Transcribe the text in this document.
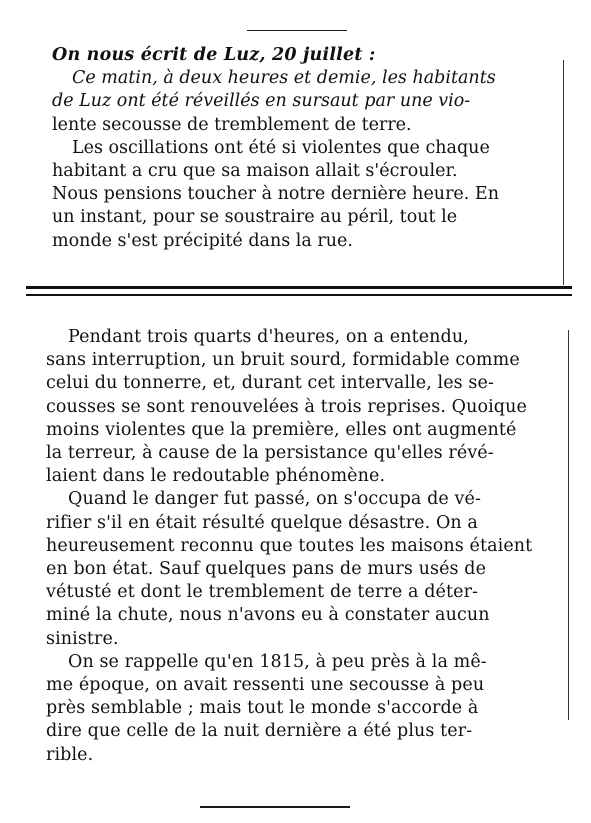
On nous écrit de Luz, 20 juillet :
Ce matin, à deux heures et demie, les habitants
de Luz ont été réveillés en sursaut par une vio-
lente secousse de tremblement de terre.
Les oscillations ont été si violentes que chaque
habitant a cru que sa maison allait s'écrouler.
Nous pensions toucher à notre dernière heure. En
un instant, pour se soustraire au péril, tout le
monde s'est précipité dans la rue.
Pendant trois quarts d'heures, on a entendu,
sans interruption, un bruit sourd, formidable comme
celui du tonnerre, et, durant cet intervalle, les se-
cousses se sont renouvelées à trois reprises. Quoique
moins violentes que la première, elles ont augmenté
la terreur, à cause de la persistance qu'elles révé-
laient dans le redoutable phénomène.
Quand le danger fut passé, on s'occupa de vé-
rifier s'il en était résulté quelque désastre. On a
heureusement reconnu que toutes les maisons étaient
en bon état. Sauf quelques pans de murs usés de
vétusté et dont le tremblement de terre a déter-
miné la chute, nous n'avons eu à constater aucun
sinistre.
On se rappelle qu'en 1815, à peu près à la mê-
me époque, on avait ressenti une secousse à peu
près semblable ; mais tout le monde s'accorde à
dire que celle de la nuit dernière a été plus ter-
rible.
